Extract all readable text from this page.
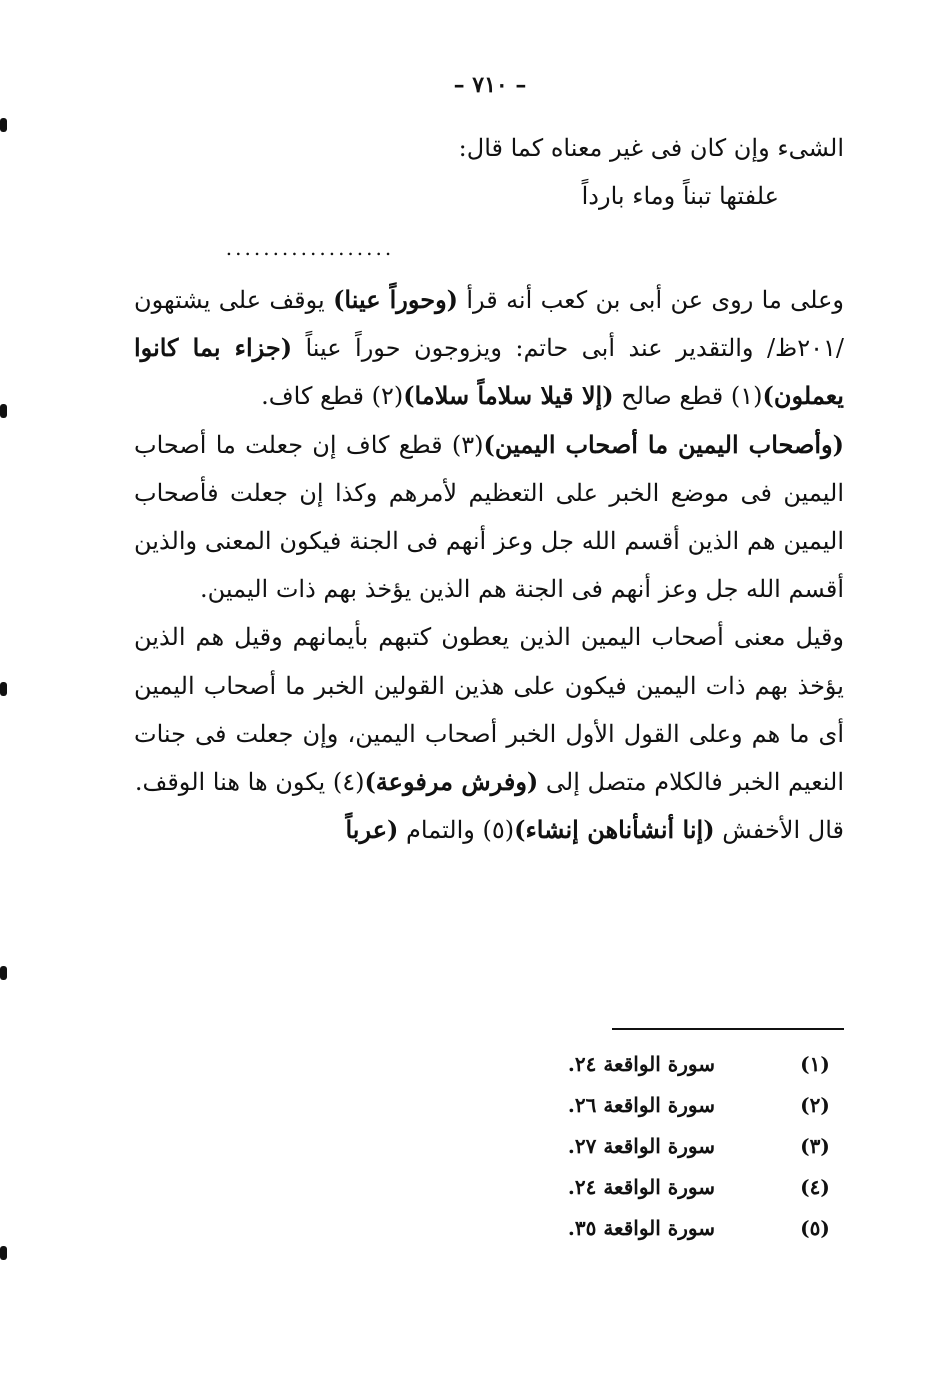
– ٧١٠ –
الشىء وإن كان فى غير معناه كما قال:
علفتها تبناً وماء بارداً
..................

وعلى ما روى عن أبى بن كعب أنه قرأ (وحوراً عينا) يوقف على يشتهون /٢٠١ظ/ والتقدير عند أبى حاتم: ويزوجون حوراً عيناً (جزاء بما كانوا يعملون)(١) قطع صالح (إلا قيلا سلاماً سلاما)(٢) قطع كاف.

(وأصحاب اليمين ما أصحاب اليمين)(٣) قطع كاف إن جعلت ما أصحاب اليمين فى موضع الخبر على التعظيم لأمرهم وكذا إن جعلت فأصحاب اليمين هم الذين أقسم الله جل وعز أنهم فى الجنة فيكون المعنى والذين أقسم الله جل وعز أنهم فى الجنة هم الذين يؤخذ بهم ذات اليمين.

وقيل معنى أصحاب اليمين الذين يعطون كتبهم بأيمانهم وقيل هم الذين يؤخذ بهم ذات اليمين فيكون على هذين القولين الخبر ما أصحاب اليمين أى ما هم وعلى القول الأول الخبر أصحاب اليمين، وإن جعلت فى جنات النعيم الخبر فالكلام متصل إلى (وفرش مرفوعة)(٤) يكون ها هنا الوقف.

قال الأخفش (إنا أنشأناهن إنشاء)(٥) والتمام (عرباً

(١)
سورة الواقعة ٢٤.
(٢)
سورة الواقعة ٢٦.
(٣)
سورة الواقعة ٢٧.
(٤)
سورة الواقعة ٢٤.
(٥)
سورة الواقعة ٣٥.
